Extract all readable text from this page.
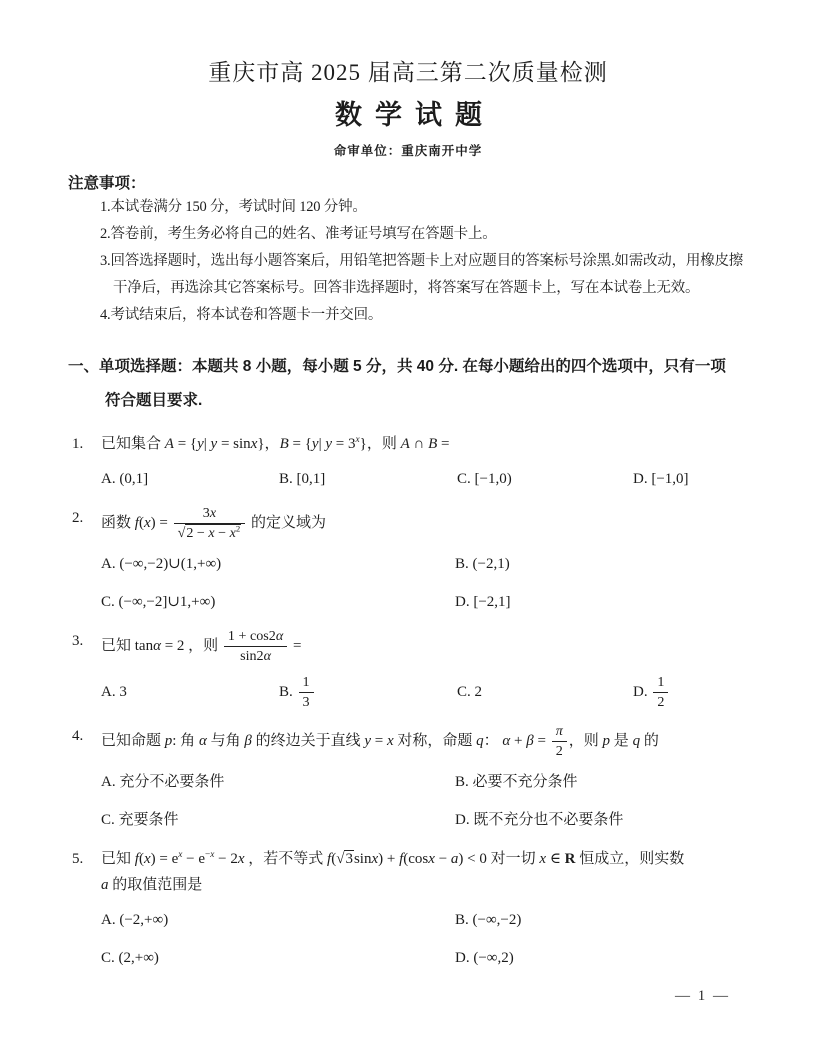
重庆市高 2025 届高三第二次质量检测
数学试题
命审单位：重庆南开中学
注意事项：
1.本试卷满分 150 分，考试时间 120 分钟。
2.答卷前，考生务必将自己的姓名、准考证号填写在答题卡上。
3.回答选择题时，选出每小题答案后，用铅笔把答题卡上对应题目的答案标号涂黑.如需改动，用橡皮擦
干净后，再选涂其它答案标号。回答非选择题时，将答案写在答题卡上，写在本试卷上无效。
4.考试结束后，将本试卷和答题卡一并交回。
一、单项选择题：本题共 8 小题，每小题 5 分，共 40 分. 在每小题给出的四个选项中，只有一项
符合题目要求.
1.	已知集合 A = {y| y = sinx}，B = {y| $y = 3^x$}，则 A ∩ B =
A. (0,1]	B. [0,1]	C. [−1,0)	D. [−1,0]
2.	函数 $f(x) = \frac{3x}{√2 - x - x^2}$ 的定义域为
A. (−∞,−2)∪(1,+∞)	B. (−2,1)
C. (−∞,−2]∪1,+∞)	D. [−2,1]
3.	已知 tanα = 2 ，则 $\frac{1 + \cos 2\alpha}{\sin 2\alpha}$ =
A. 3	B. $\frac{1}{3}$	C. 2	D. $\frac{1}{2}$
4.	已知命题 p: 角 α 与角 β 的终边关于直线 y = x 对称，命题 q： $\alpha + \beta = \frac{\pi}{2}$ ，则 p 是 q 的
A. 充分不必要条件	B. 必要不充分条件
C. 充要条件	D. 既不充分也不必要条件
5.	已知 $f(x) = e^x - e^{-x} - 2x$ ，若不等式 f(√3sinx) + f(cosx − a) < 0 对一切 x ∈ R 恒成立，则实数
a 的取值范围是
A. (−2,+∞)	B. (−∞,−2)
C. (2,+∞)	D. (−∞,2)
— 1 —
